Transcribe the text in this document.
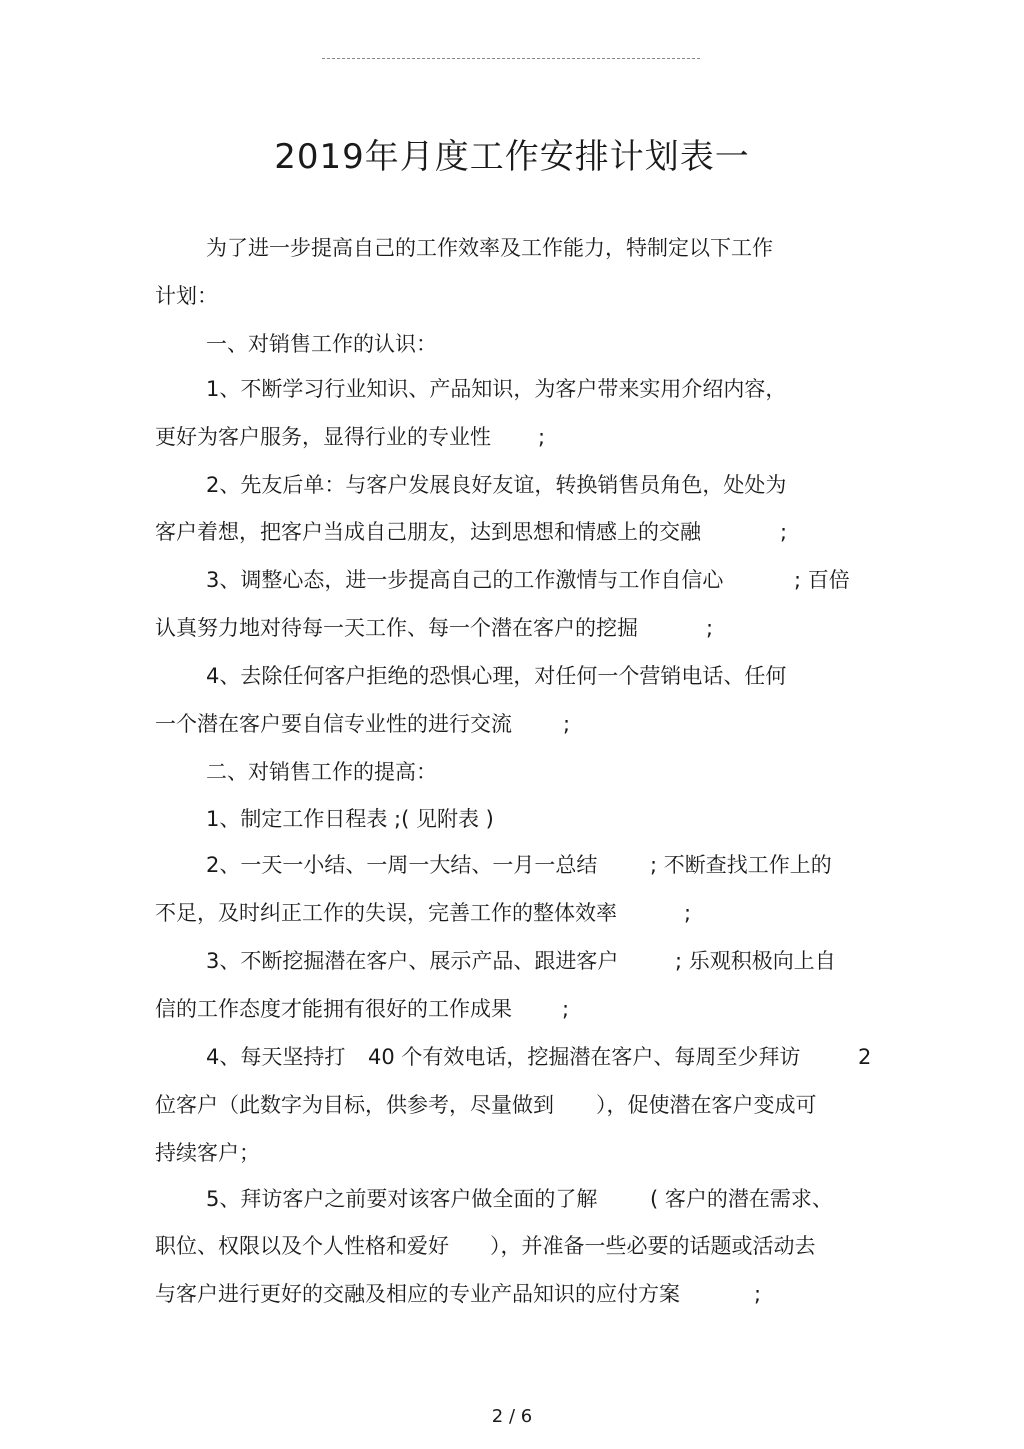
2019年月度工作安排计划表一

为了进一步提高自己的工作效率及工作能力，特制定以下工作

计划：

一、对销售工作的认识：

1、不断学习行业知识、产品知识，为客户带来实用介绍内容，

更好为客户服务，显得行业的专业性 ;

2、先友后单：与客户发展良好友谊，转换销售员角色，处处为

客户着想，把客户当成自己朋友，达到思想和情感上的交融	;

3、调整心态，进一步提高自己的工作激情与工作自信心	; 百倍

认真努力地对待每一天工作、每一个潜在客户的挖掘	;

4、去除任何客户拒绝的恐惧心理，对任何一个营销电话、任何

一个潜在客户要自信专业性的进行交流 ;

二、对销售工作的提高：

1、制定工作日程表 ;( 见附表 )

2、一天一小结、一周一大结、一月一总结	; 不断查找工作上的

不足，及时纠正工作的失误，完善工作的整体效率	;

3、不断挖掘潜在客户、展示产品、跟进客户	; 乐观积极向上自

信的工作态度才能拥有很好的工作成果 ;

4、每天坚持打 40 个有效电话，挖掘潜在客户、每周至少拜访	2

位客户（此数字为目标，供参考，尽量做到 ），促使潜在客户变成可

持续客户；

5、拜访客户之前要对该客户做全面的了解	( 客户的潜在需求、

职位、权限以及个人性格和爱好 ），并准备一些必要的话题或活动去

与客户进行更好的交融及相应的专业产品知识的应付方案	;

2 / 6
